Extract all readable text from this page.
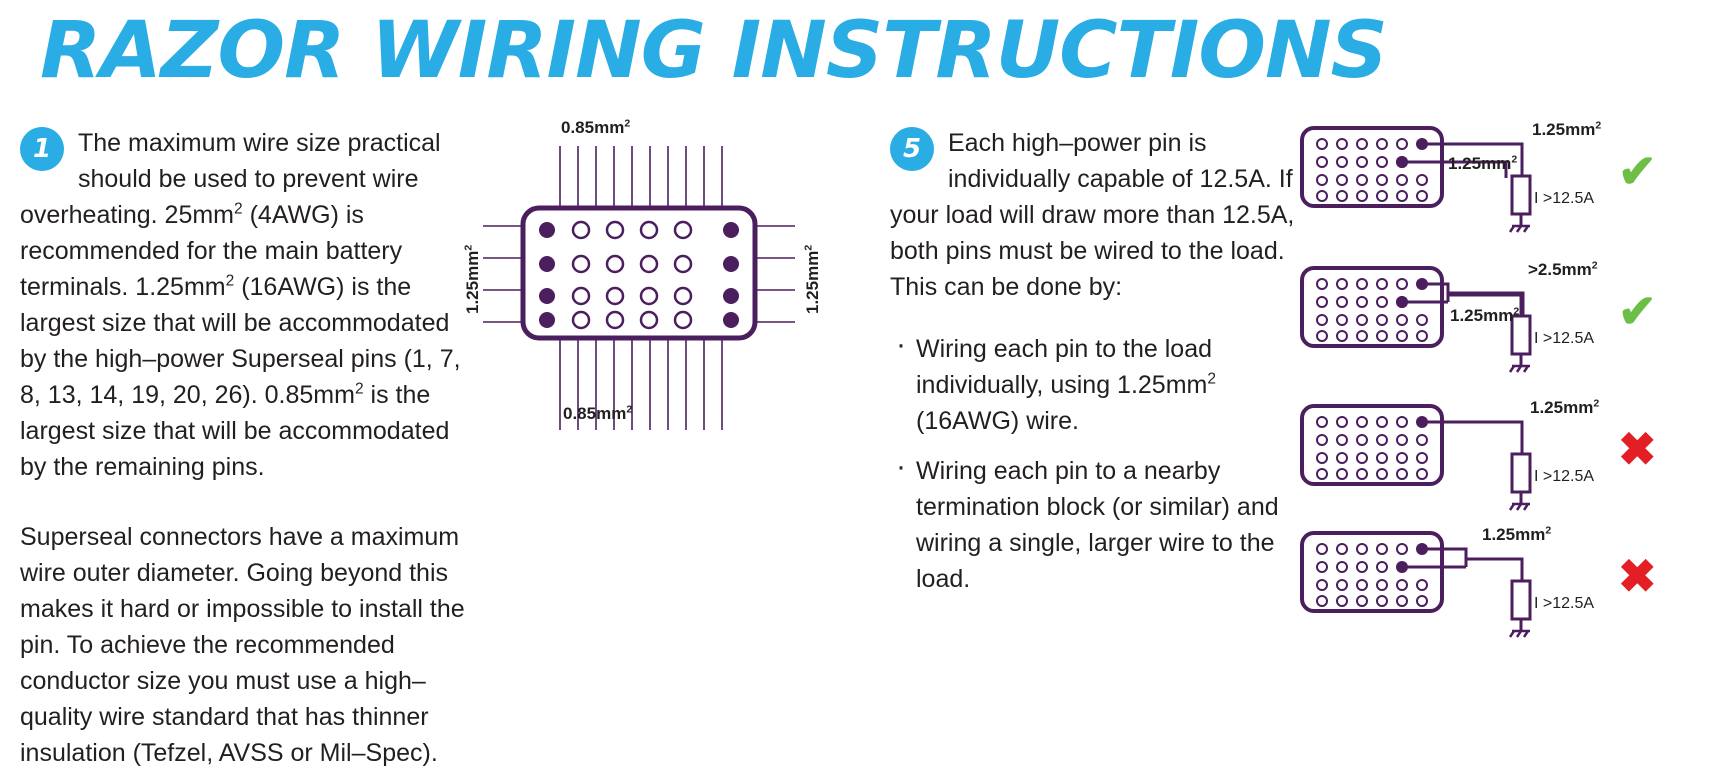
RAZOR WIRING INSTRUCTIONS
1	The maximum wire size practical should be used to prevent wire overheating. $25mm^2$ (4AWG) is recommended for the main battery terminals. $1.25mm^2$ (16AWG) is the largest size that will be accommodated by the high–power Superseal pins (1, 7, 8, 13, 14, 19, 20, 26). $0.85mm^2$ is the largest size that will be accommodated by the remaining pins.

Superseal connectors have a maximum wire outer diameter. Going beyond this makes it hard or impossible to install the pin. To achieve the recommended conductor size you must use a high–quality wire standard that has thinner insulation (Tefzel, AVSS or Mil–Spec).

$0.85mm^2$
$0.85mm^2$
$1.25mm^2$
$1.25mm^2$
5	Each high–power pin is individually capable of 12.5A. If your load will draw more than 12.5A, both pins must be wired to the load. This can be done by:

· Wiring each pin to the load individually, using $1.25mm^2$ (16AWG) wire.
· Wiring each pin to a nearby termination block (or similar) and wiring a single, larger wire to the load.
$1.25mm^2$
$1.25mm^2$
I >12.5A
✔
$>2.5mm^2$
$1.25mm^2$
I >12.5A
✔
$1.25mm^2$
I >12.5A
✖
$1.25mm^2$
I >12.5A
✖
